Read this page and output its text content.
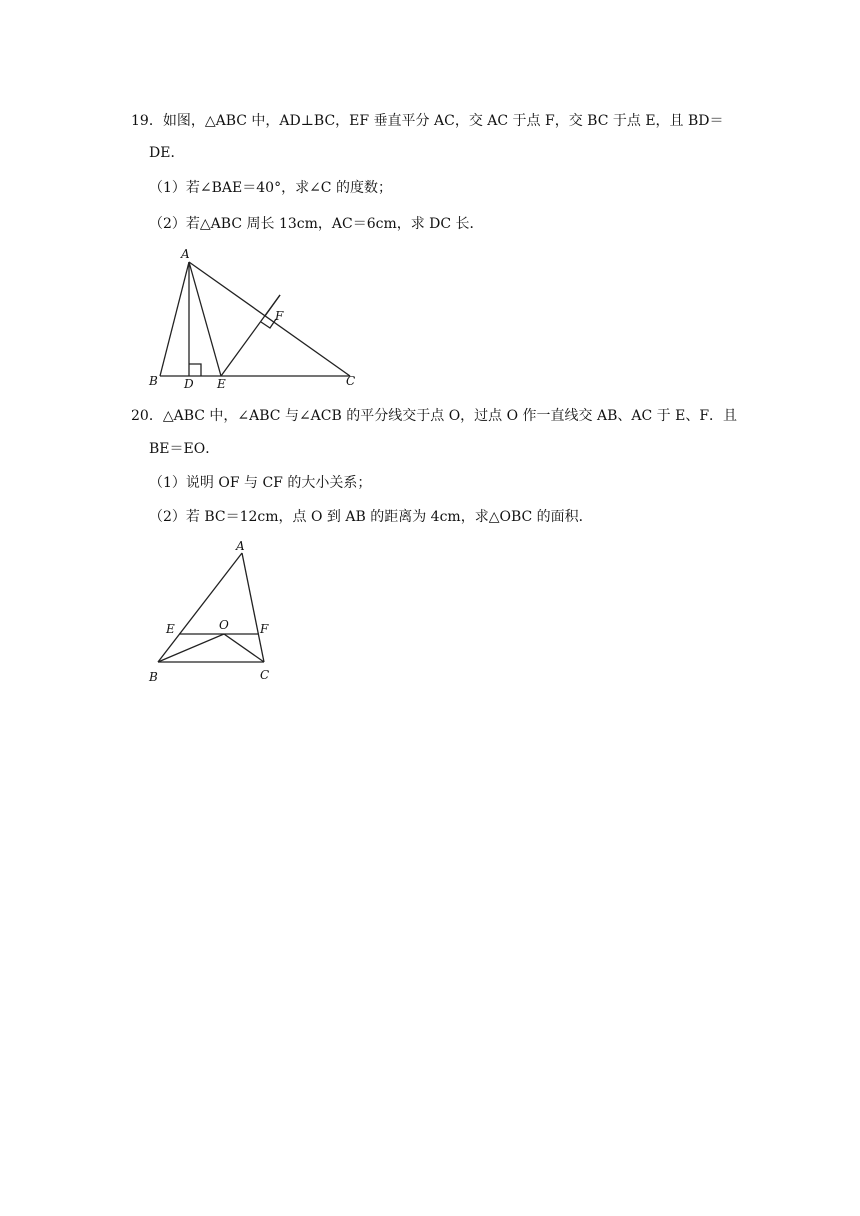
19．如图，△ABC 中，AD⊥BC，EF 垂直平分 AC，交 AC 于点 F，交 BC 于点 E，且 BD＝
DE．
（1）若∠BAE＝40°，求∠C 的度数；
（2）若△ABC 周长 13cm，AC＝6cm，求 DC 长．
A
B D E	C
F
20．△ABC 中，∠ABC 与∠ACB 的平分线交于点 O，过点 O 作一直线交 AB、AC 于 E、F．且
BE＝EO．
（1）说明 OF 与 CF 的大小关系；
（2）若 BC＝12cm，点 O 到 AB 的距离为 4cm，求△OBC 的面积．
A
E	O	F
B	C
